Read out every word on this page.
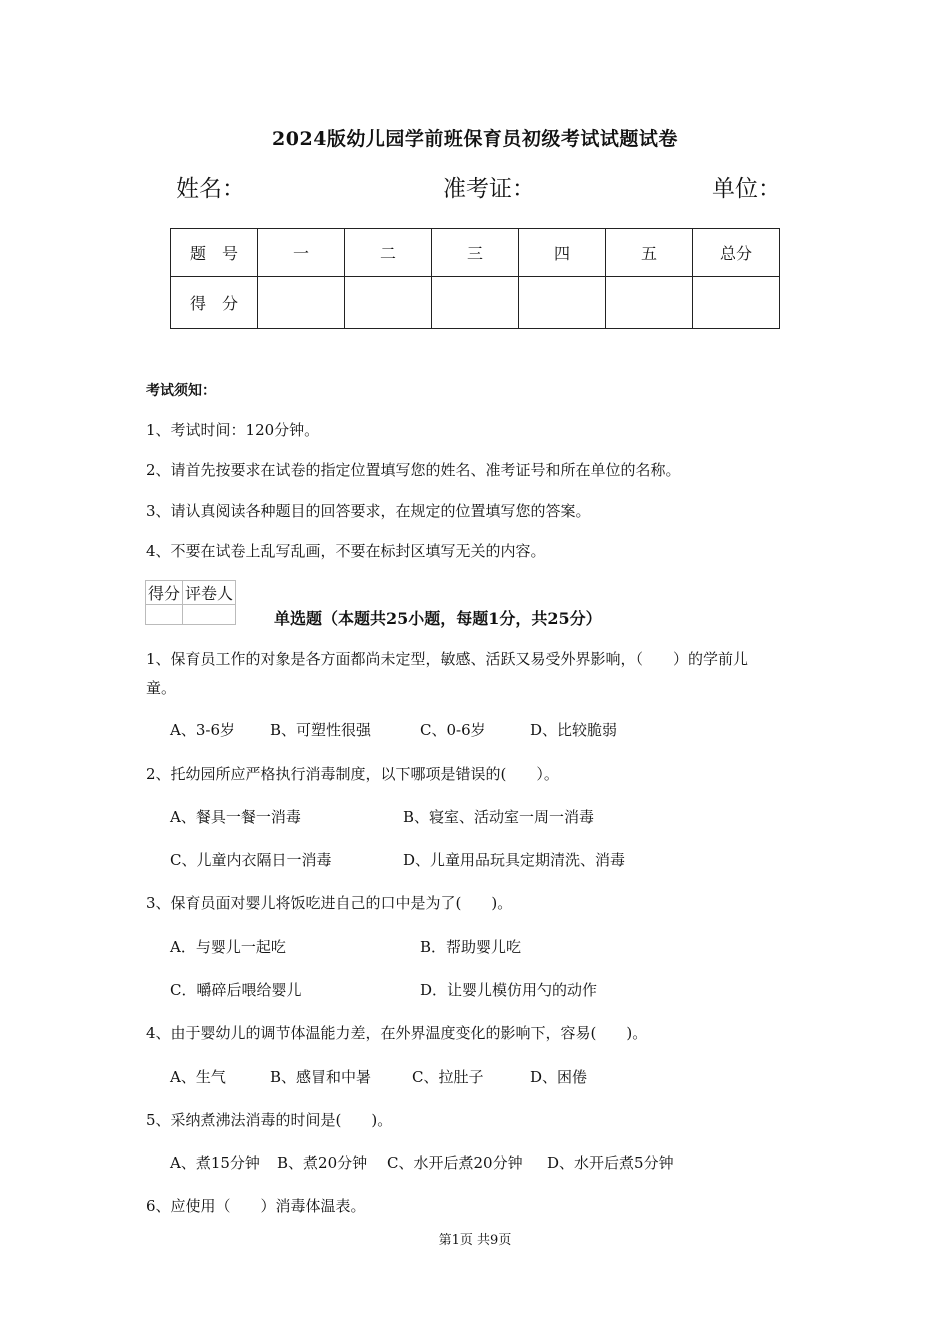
2024版幼儿园学前班保育员初级考试试题试卷
姓名：	准考证：	单位：
题　号	一	二	三	四	五	总分
得　分						
考试须知：
1、考试时间：120分钟。
2、请首先按要求在试卷的指定位置填写您的姓名、准考证号和所在单位的名称。
3、请认真阅读各种题目的回答要求，在规定的位置填写您的答案。
4、不要在试卷上乱写乱画，不要在标封区填写无关的内容。
得分	评卷人

单选题（本题共25小题，每题1分，共25分）
1、保育员工作的对象是各方面都尚未定型，敏感、活跃又易受外界影响，（　　）的学前儿
童。
A、3-6岁 B、可塑性很强	C、0-6岁	D、比较脆弱
2、托幼园所应严格执行消毒制度，以下哪项是错误的(　　）。
A、餐具一餐一消毒	B、寝室、活动室一周一消毒
C、儿童内衣隔日一消毒	D、儿童用品玩具定期清洗、消毒
3、保育员面对婴儿将饭吃进自己的口中是为了(　　)。
A．与婴儿一起吃	B．帮助婴儿吃
C．嚼碎后喂给婴儿	D．让婴儿模仿用勺的动作
4、由于婴幼儿的调节体温能力差，在外界温度变化的影响下，容易(　　)。
A、生气	B、感冒和中暑	C、拉肚子	D、困倦
5、采纳煮沸法消毒的时间是(　　)。
A、煮15分钟 B、煮20分钟 C、水开后煮20分钟 D、水开后煮5分钟
6、应使用（　　）消毒体温表。
第1页 共9页
